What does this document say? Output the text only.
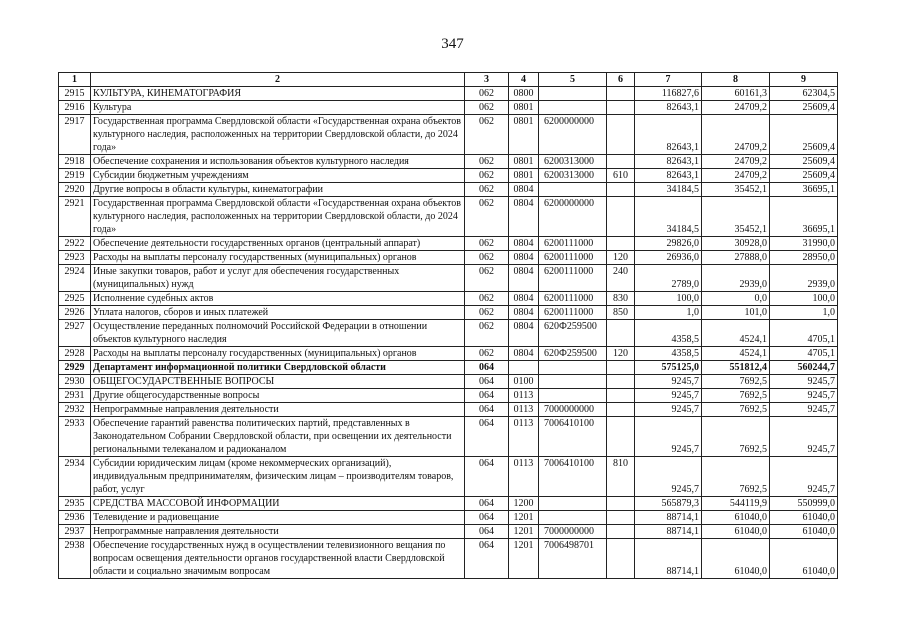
347
1	2	3	4	5	6	7	8	9
2915	КУЛЬТУРА, КИНЕМАТОГРАФИЯ	062	0800			116827,6	60161,3	62304,5
2916	Культура	062	0801			82643,1	24709,2	25609,4
2917	Государственная программа Свердловской области «Государственная охрана объектов культурного наследия, расположенных на территории Свердловской области, до 2024 года»	062	0801	6200000000		82643,1	24709,2	25609,4
2918	Обеспечение сохранения и использования объектов культурного наследия	062	0801	6200313000		82643,1	24709,2	25609,4
2919	Субсидии бюджетным учреждениям	062	0801	6200313000	610	82643,1	24709,2	25609,4
2920	Другие вопросы в области культуры, кинематографии	062	0804			34184,5	35452,1	36695,1
2921	Государственная программа Свердловской области «Государственная охрана объектов культурного наследия, расположенных на территории Свердловской области, до 2024 года»	062	0804	6200000000		34184,5	35452,1	36695,1
2922	Обеспечение деятельности государственных органов (центральный аппарат)	062	0804	6200111000		29826,0	30928,0	31990,0
2923	Расходы на выплаты персоналу государственных (муниципальных) органов	062	0804	6200111000	120	26936,0	27888,0	28950,0
2924	Иные закупки товаров, работ и услуг для обеспечения государственных (муниципальных) нужд	062	0804	6200111000	240	2789,0	2939,0	2939,0
2925	Исполнение судебных актов	062	0804	6200111000	830	100,0	0,0	100,0
2926	Уплата налогов, сборов и иных платежей	062	0804	6200111000	850	1,0	101,0	1,0
2927	Осуществление переданных полномочий Российской Федерации в отношении объектов культурного наследия	062	0804	620Ф259500		4358,5	4524,1	4705,1
2928	Расходы на выплаты персоналу государственных (муниципальных) органов	062	0804	620Ф259500	120	4358,5	4524,1	4705,1
2929	Департамент информационной политики Свердловской области	064				575125,0	551812,4	560244,7
2930	ОБЩЕГОСУДАРСТВЕННЫЕ ВОПРОСЫ	064	0100			9245,7	7692,5	9245,7
2931	Другие общегосударственные вопросы	064	0113			9245,7	7692,5	9245,7
2932	Непрограммные направления деятельности	064	0113	7000000000		9245,7	7692,5	9245,7
2933	Обеспечение гарантий равенства политических партий, представленных в Законодательном Собрании Свердловской области, при освещении их деятельности региональными телеканалом и радиоканалом	064	0113	7006410100		9245,7	7692,5	9245,7
2934	Субсидии юридическим лицам (кроме некоммерческих организаций), индивидуальным предпринимателям, физическим лицам – производителям товаров, работ, услуг	064	0113	7006410100	810	9245,7	7692,5	9245,7
2935	СРЕДСТВА МАССОВОЙ ИНФОРМАЦИИ	064	1200			565879,3	544119,9	550999,0
2936	Телевидение и радиовещание	064	1201			88714,1	61040,0	61040,0
2937	Непрограммные направления деятельности	064	1201	7000000000		88714,1	61040,0	61040,0
2938	Обеспечение государственных нужд в осуществлении телевизионного вещания по вопросам освещения деятельности органов государственной власти Свердловской области и социально значимым вопросам	064	1201	7006498701		88714,1	61040,0	61040,0
